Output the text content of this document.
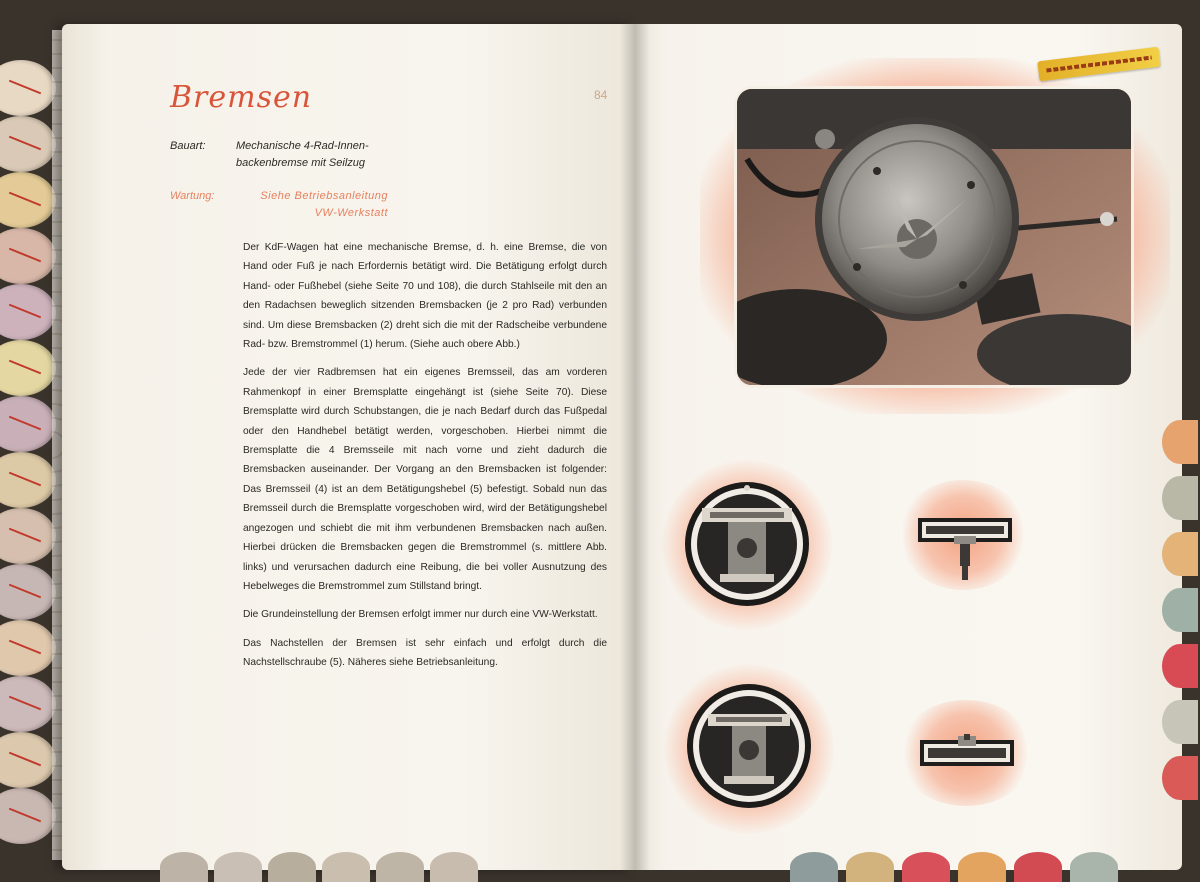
Bremsen	84
Bauart:	Mechanische 4-Rad-Innen- backenbremse mit Seilzug
Wartung:	Siehe Betriebsanleitung VW-Werkstatt

Der KdF-Wagen hat eine mechanische Bremse, d. h. eine Bremse, die von Hand oder Fuß je nach Erfordernis betätigt wird. Die Betätigung erfolgt durch Hand- oder Fußhebel (siehe Seite 70 und 108), die durch Stahlseile mit den an den Radachsen beweglich sitzenden Bremsbacken (je 2 pro Rad) verbunden sind. Um diese Bremsbacken (2) dreht sich die mit der Radscheibe verbundene Rad- bzw. Bremstrommel (1) herum. (Siehe auch obere Abb.)

Jede der vier Radbremsen hat ein eigenes Bremsseil, das am vorderen Rahmenkopf in einer Bremsplatte eingehängt ist (siehe Seite 70). Diese Bremsplatte wird durch Schubstangen, die je nach Bedarf durch das Fußpedal oder den Handhebel betätigt werden, vorgeschoben. Hierbei nimmt die Bremsplatte die 4 Bremsseile mit nach vorne und zieht dadurch die Bremsbacken auseinander. Der Vorgang an den Bremsbacken ist folgender: Das Bremsseil (4) ist an dem Betätigungshebel (5) befestigt. Sobald nun das Bremsseil durch die Bremsplatte vorgeschoben wird, wird der Betätigungshebel angezogen und schiebt die mit ihm verbundenen Bremsbacken nach außen. Hierbei drücken die Bremsbacken gegen die Bremstrommel (s. mittlere Abb. links) und verursachen dadurch eine Reibung, die bei voller Ausnutzung des Hebelweges die Bremstrommel zum Stillstand bringt.

Die Grundeinstellung der Bremsen erfolgt immer nur durch eine VW-Werkstatt.

Das Nachstellen der Bremsen ist sehr einfach und erfolgt durch die Nachstellschraube (5). Näheres siehe Betriebsanleitung.
